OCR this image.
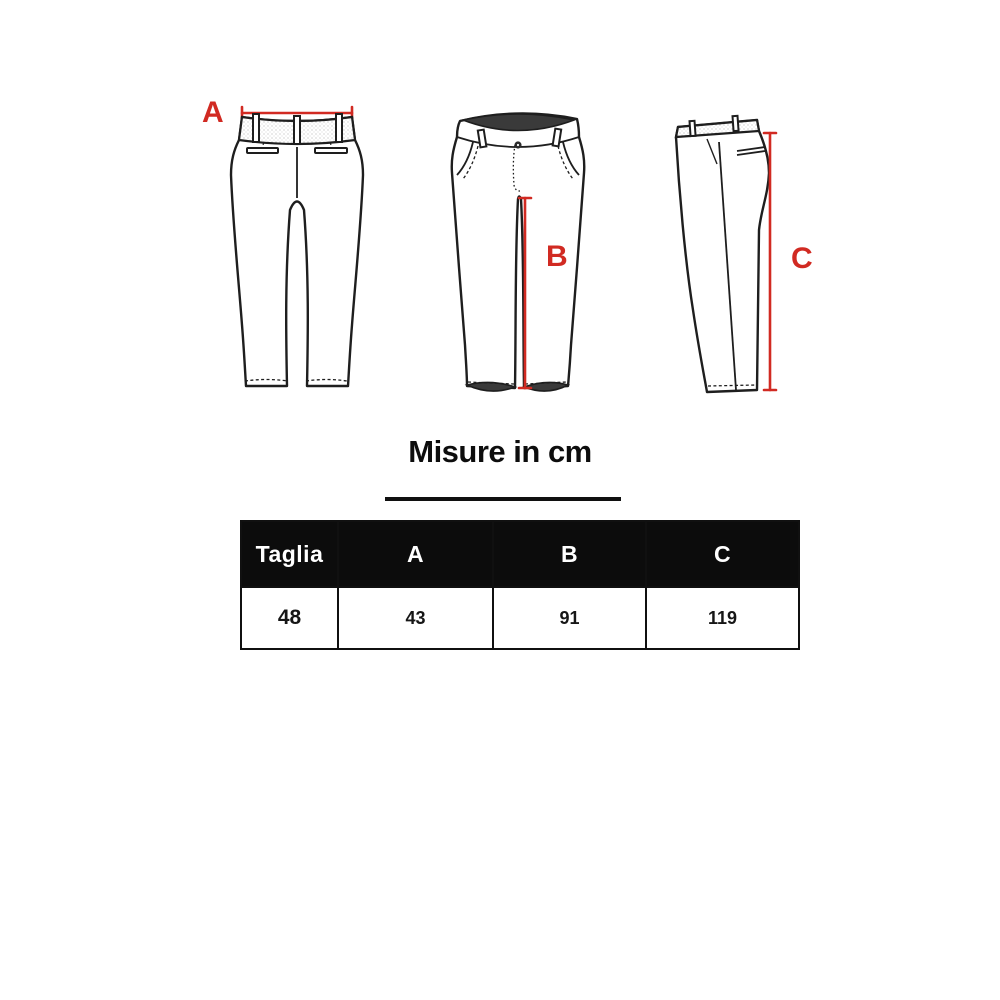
A
B	C
Misure in cm
Taglia	A	B	C
48	43	91	119
